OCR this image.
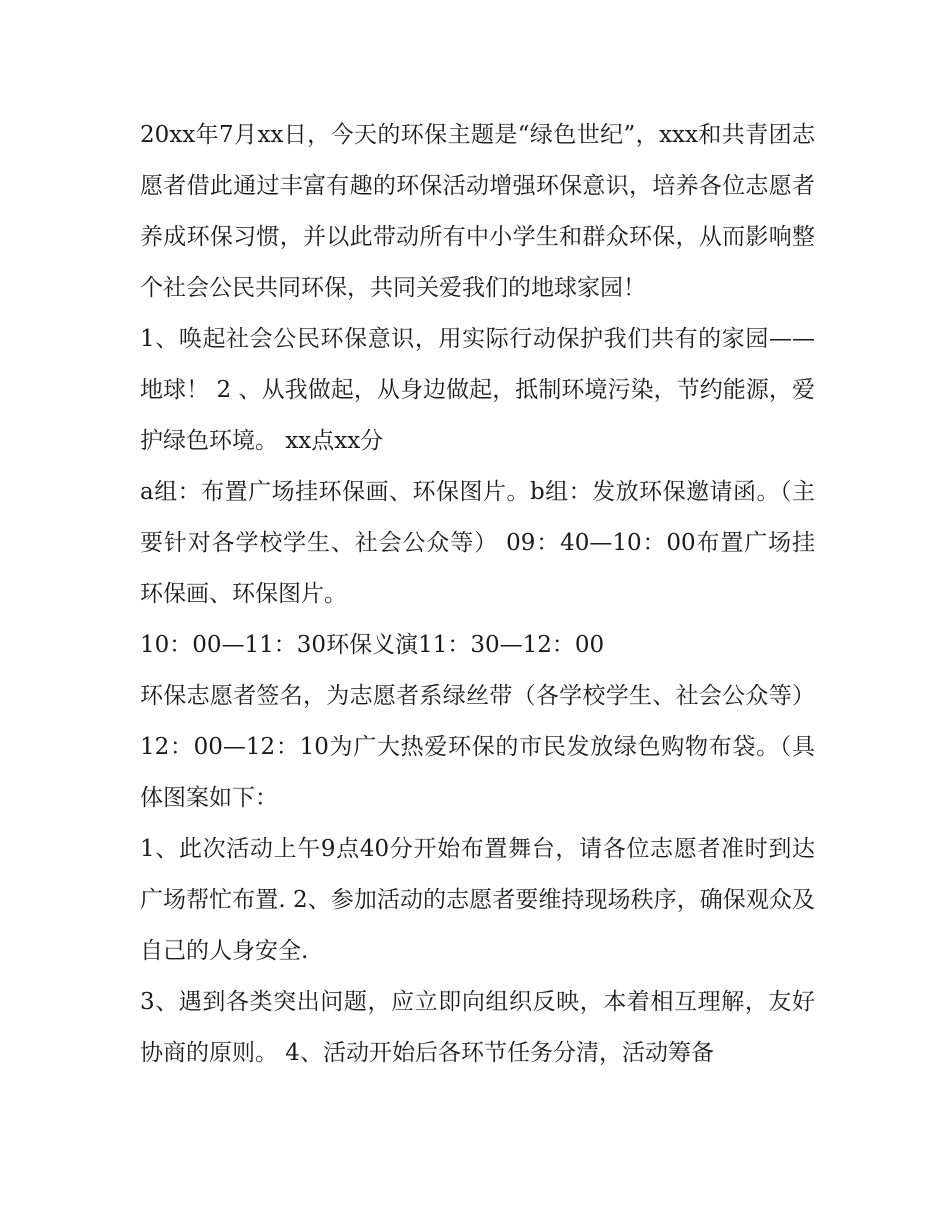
20xx年7月xx日，今天的环保主题是“绿色世纪”，xxx和共青团志愿者借此通过丰富有趣的环保活动增强环保意识，培养各位志愿者养成环保习惯，并以此带动所有中小学生和群众环保，从而影响整个社会公民共同环保，共同关爱我们的地球家园！

1、唤起社会公民环保意识，用实际行动保护我们共有的家园——地球！ 2 、从我做起，从身边做起，抵制环境污染，节约能源，爱护绿色环境。 xx点xx分

a组：布置广场挂环保画、环保图片。b组：发放环保邀请函。（主要针对各学校学生、社会公众等） 09：40—10：00布置广场挂环保画、环保图片。

10：00—11：30环保义演11：30—12：00

环保志愿者签名，为志愿者系绿丝带（各学校学生、社会公众等）12：00—12：10为广大热爱环保的市民发放绿色购物布袋。（具体图案如下：

1、此次活动上午9点40分开始布置舞台，请各位志愿者准时到达广场帮忙布置. 2、参加活动的志愿者要维持现场秩序，确保观众及自己的人身安全.

3、遇到各类突出问题，应立即向组织反映，本着相互理解，友好协商的原则。 4、活动开始后各环节任务分清，活动筹备
